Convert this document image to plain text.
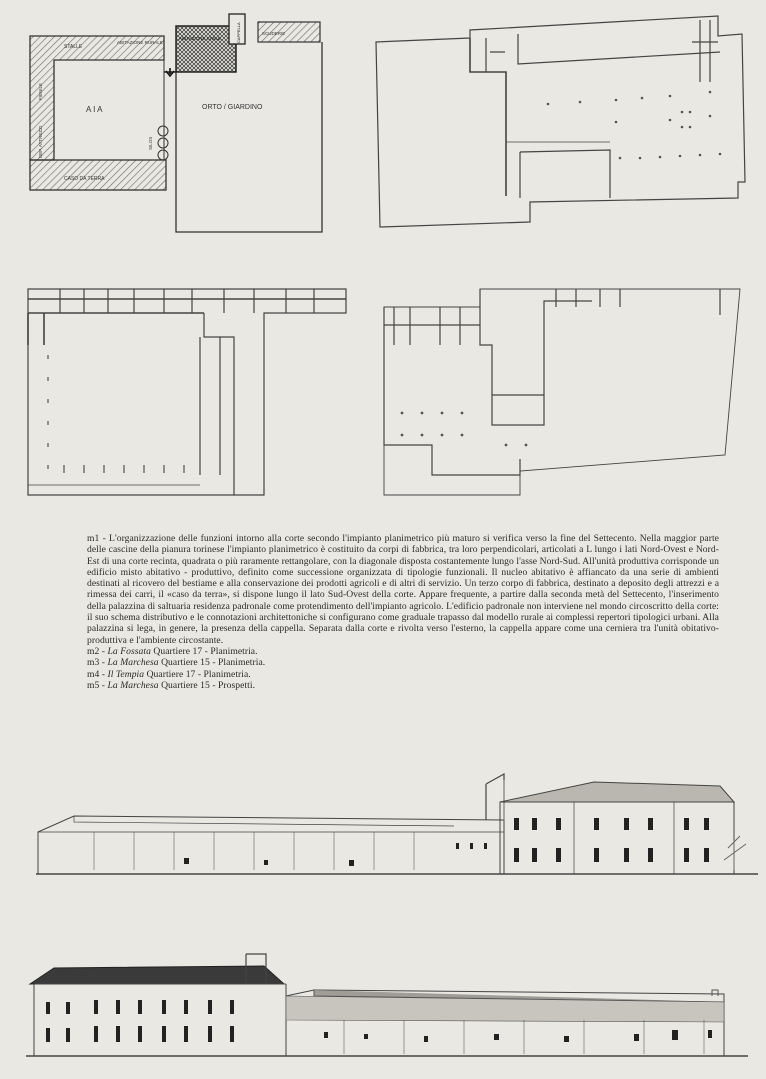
STALLE
ABITAZIONE RURALE
ABITAZIONE CIVILE	CAPPELLA	SCUDERIE
A I A	ORTO / GIARDINO
FIENILE
DEP. ATTREZZI
CASO DA TERRA
SILOS

m1 - L'organizzazione delle funzioni intorno alla corte secondo l'impianto planimetrico più maturo si verifica verso la fine del Settecento. Nella maggior parte delle cascine della pianura torinese l'impianto planimetrico è costituito da corpi di fabbrica, tra loro perpendicolari, articolati a L lungo i lati Nord-Ovest e Nord-Est di una corte recinta, quadrata o più raramente rettangolare, con la diagonale disposta costantemente lungo l'asse Nord-Sud. All'unità produttiva corrisponde un edificio misto abitativo - produttivo, definito come successione organizzata di tipologie funzionali. Il nucleo abitativo è affiancato da una serie di ambienti destinati al ricovero del bestiame e alla conservazione dei prodotti agricoli e di altri di servizio. Un terzo corpo di fabbrica, destinato a deposito degli attrezzi e a rimessa dei carri, il «caso da terra», si dispone lungo il lato Sud-Ovest della corte. Appare frequente, a partire dalla seconda metà del Settecento, l'inserimento della palazzina di saltuaria residenza padronale come protendimento dell'impianto agricolo. L'edificio padronale non interviene nel mondo circoscritto della corte: il suo schema distributivo e le connotazioni architettoniche si configurano come graduale trapasso dal modello rurale ai complessi repertori tipologici urbani. Alla palazzina si lega, in genere, la presenza della cappella. Separata dalla corte e rivolta verso l'esterno, la cappella appare come una cerniera tra l'unità obitativo-produttiva e l'ambiente circostante.

m2 - La Fossata Quartiere 17 - Planimetria.

m3 - La Marchesa Quartiere 15 - Planimetria.

m4 - Il Tempia Quartiere 17 - Planimetria.

m5 - La Marchesa Quartiere 15 - Prospetti.
